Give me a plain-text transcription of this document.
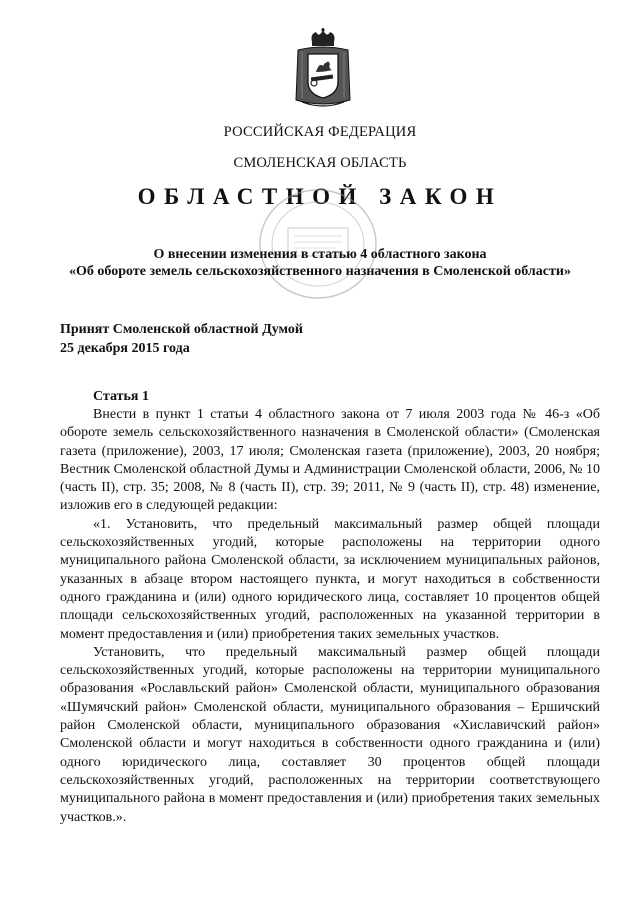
РОССИЙСКАЯ ФЕДЕРАЦИЯ
СМОЛЕНСКАЯ ОБЛАСТЬ
ОБЛАСТНОЙ ЗАКОН
О внесении изменения в статью 4 областного закона
«Об обороте земель сельскохозяйственного назначения в Смоленской области»
Принят Смоленской областной Думой
25 декабря 2015 года
Статья 1

Внести в пункт 1 статьи 4 областного закона от 7 июля 2003 года № 46-з «Об обороте земель сельскохозяйственного назначения в Смоленской области» (Смоленская газета (приложение), 2003, 17 июля; Смоленская газета (приложение), 2003, 20 ноября; Вестник Смоленской областной Думы и Администрации Смоленской области, 2006, № 10 (часть II), стр. 35; 2008, № 8 (часть II), стр. 39; 2011, № 9 (часть II), стр. 48) изменение, изложив его в следующей редакции:

«1. Установить, что предельный максимальный размер общей площади сельскохозяйственных угодий, которые расположены на территории одного муниципального района Смоленской области, за исключением муниципальных районов, указанных в абзаце втором настоящего пункта, и могут находиться в собственности одного гражданина и (или) одного юридического лица, составляет 10 процентов общей площади сельскохозяйственных угодий, расположенных на указанной территории в момент предоставления и (или) приобретения таких земельных участков.

Установить, что предельный максимальный размер общей площади сельскохозяйственных угодий, которые расположены на территории муниципального образования «Рославльский район» Смоленской области, муниципального образования «Шумячский район» Смоленской области, муниципального образования – Ершичский район Смоленской области, муниципального образования «Хиславичский район» Смоленской области и могут находиться в собственности одного гражданина и (или) одного юридического лица, составляет 30 процентов общей площади сельскохозяйственных угодий, расположенных на территории соответствующего муниципального района в момент предоставления и (или) приобретения таких земельных участков.».
